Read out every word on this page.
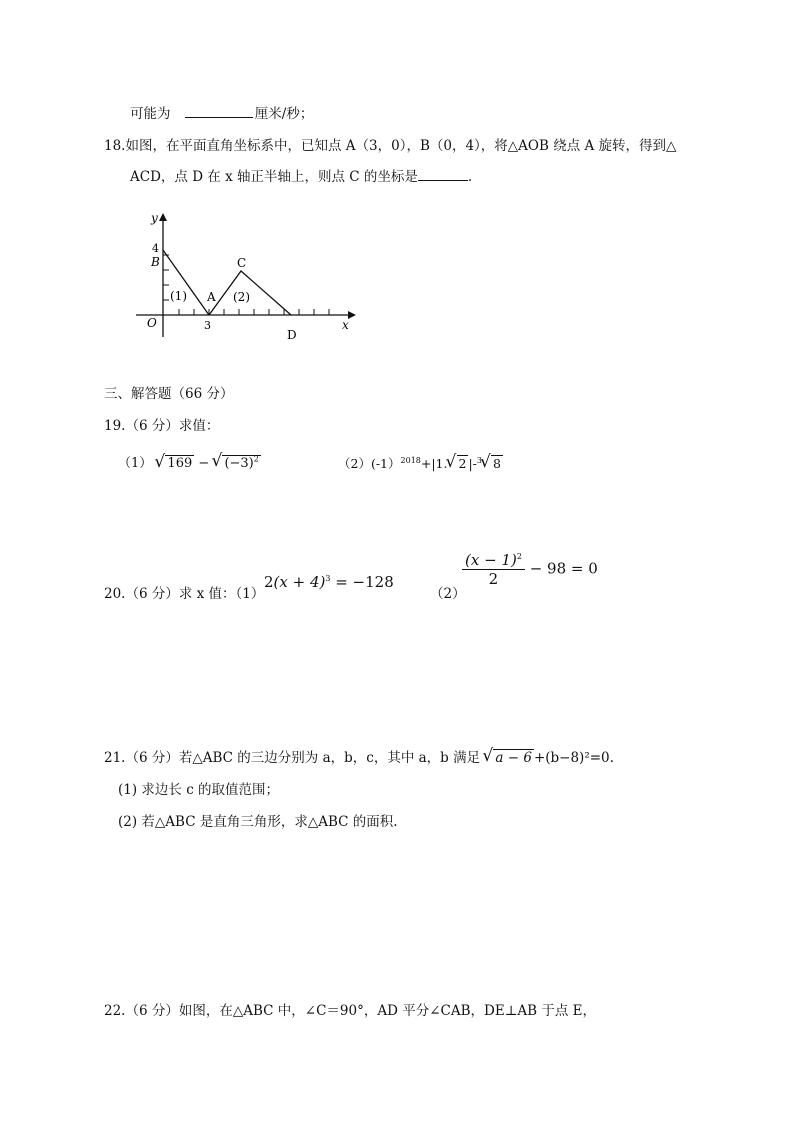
可能为	厘米/秒；
18.如图，在平面直角坐标系中，已知点 A（3，0），B（0，4），将△AOB 绕点 A 旋转，得到△
ACD，点 D 在 x 轴正半轴上，则点 C 的坐标是	.
y
x
O
4
B
A
3
C
D
(1)	(2)
三、解答题（66 分）
19.（6 分）求值：
（1） √ 169 − √ $(-3)^2$	（2）(-1）$^{2018}$+|1. √ 2 |-$^3$ √ 8
20.（6 分）求 x 值：（1）
$2(x + 4)^3 = -128$
（2）
$\frac{(x - 1)^2}{2} - 98 = 0$
21.（6 分）若△ABC 的三边分别为 a，b，c，其中 a，b 满足 √ a − 6 +(b−8)²=0.
(1) 求边长 c 的取值范围；
(2) 若△ABC 是直角三角形，求△ABC 的面积.
22.（6 分）如图，在△ABC 中，∠C＝90°，AD 平分∠CAB，DE⊥AB 于点 E，
